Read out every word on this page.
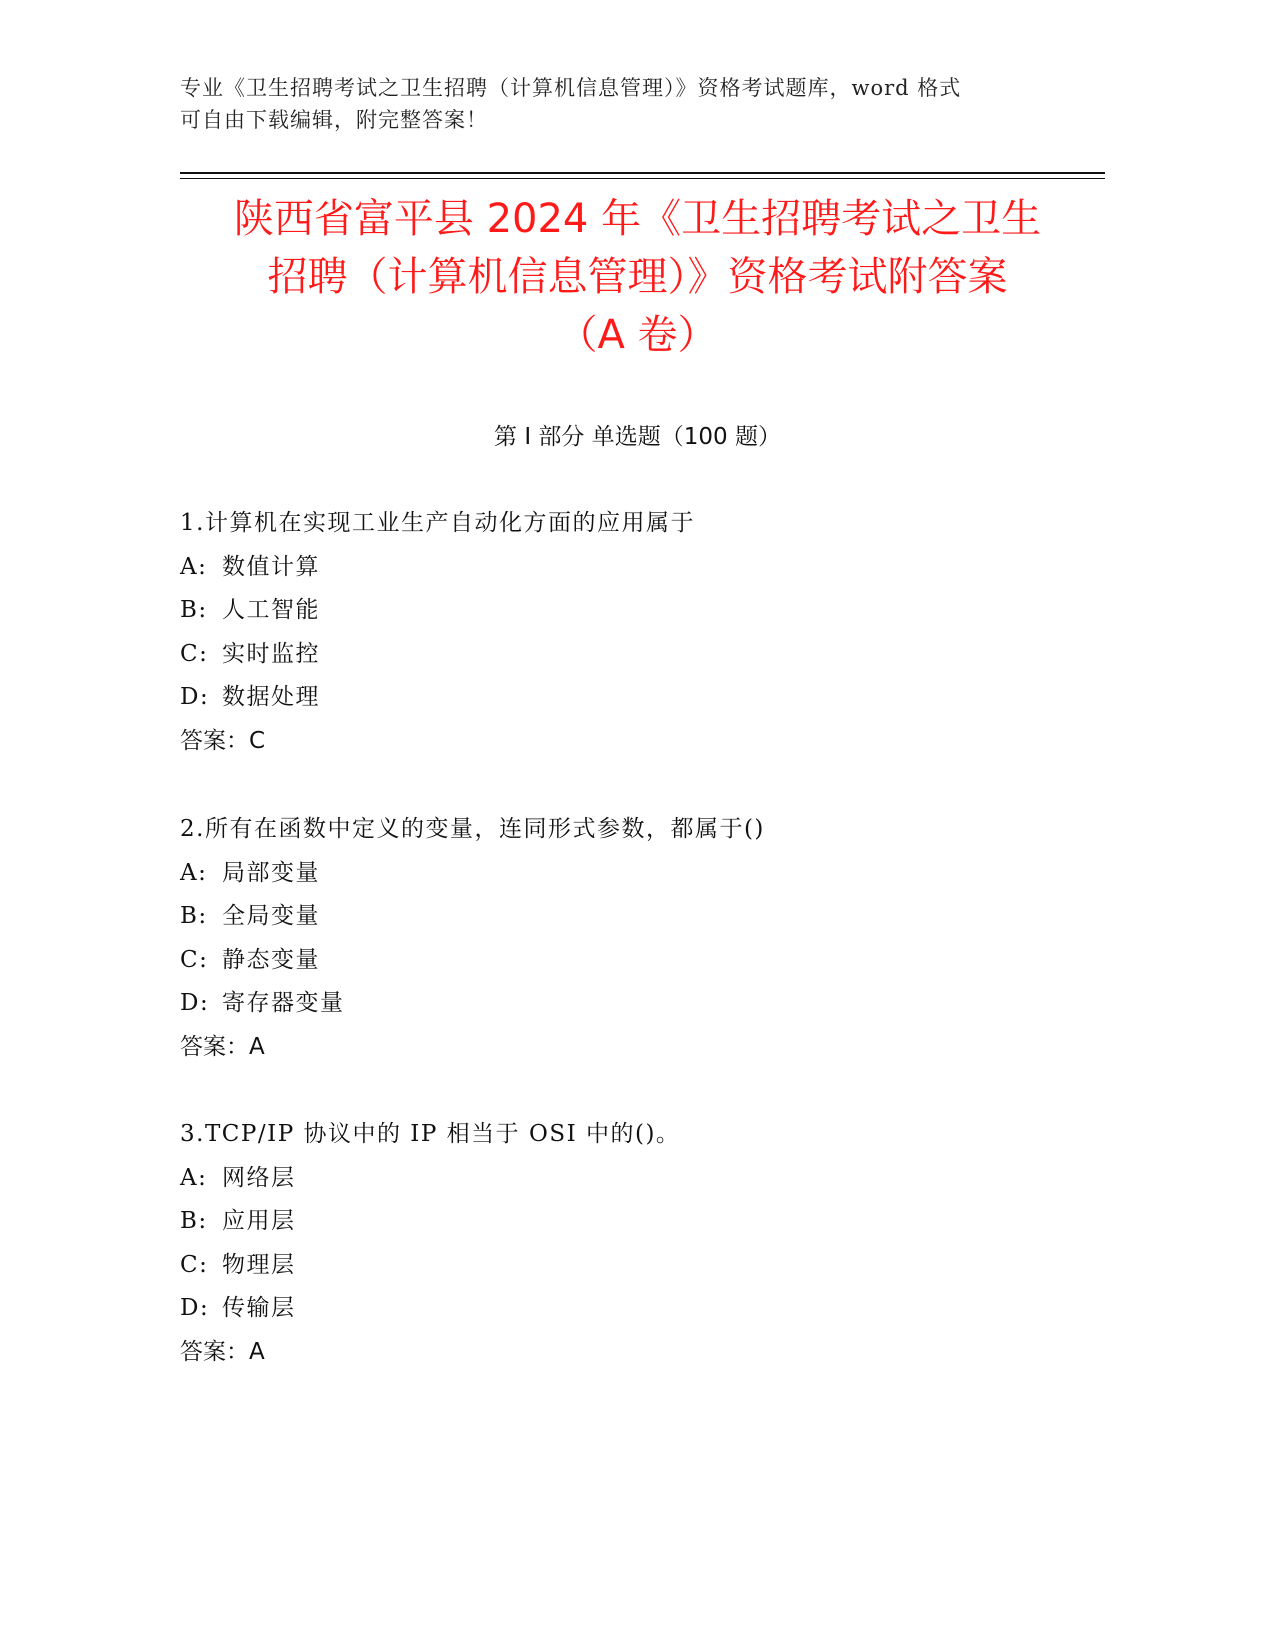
专业《卫生招聘考试之卫生招聘（计算机信息管理）》资格考试题库，word 格式
可自由下载编辑，附完整答案！
陕西省富平县 2024 年《卫生招聘考试之卫生
招聘（计算机信息管理）》资格考试附答案
（A 卷）
第 I 部分 单选题（100 题）
1.计算机在实现工业生产自动化方面的应用属于
A: 数值计算
B: 人工智能
C: 实时监控
D: 数据处理
答案：C
2.所有在函数中定义的变量，连同形式参数，都属于()
A: 局部变量
B: 全局变量
C: 静态变量
D: 寄存器变量
答案：A
3.TCP/IP 协议中的 IP 相当于 OSI 中的()。
A: 网络层
B: 应用层
C: 物理层
D: 传输层
答案：A
